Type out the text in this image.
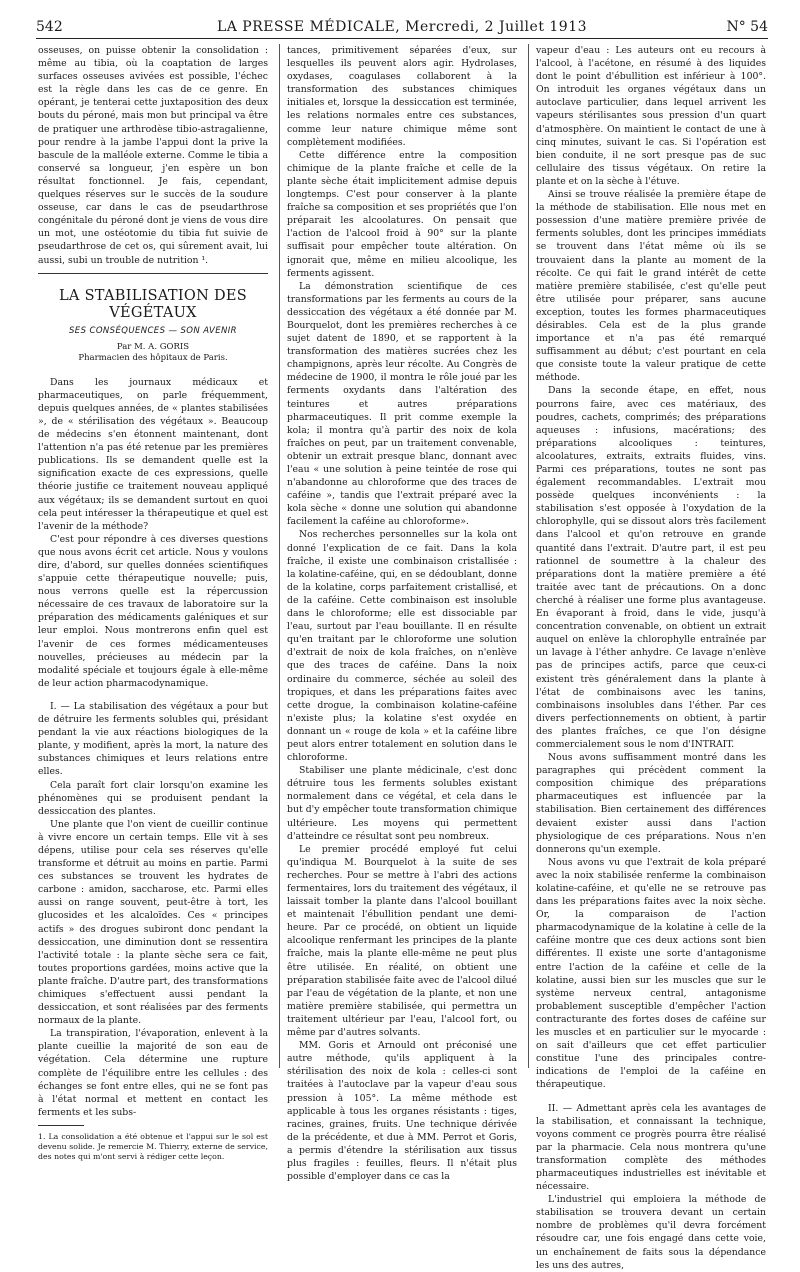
542	LA PRESSE MÉDICALE, Mercredi, 2 Juillet 1913	N° 54

osseuses, on puisse obtenir la consolidation : même au tibia, où la coaptation de larges surfaces osseuses avivées est possible, l'échec est la règle dans les cas de ce genre. En opérant, je tenterai cette juxtaposition des deux bouts du péroné, mais mon but principal va être de pratiquer une arthrodèse tibio-astragalienne, pour rendre à la jambe l'appui dont la prive la bascule de la malléole externe. Comme le tibia a conservé sa longueur, j'en espère un bon résultat fonctionnel. Je fais, cependant, quelques réserves sur le succès de la soudure osseuse, car dans le cas de pseudarthrose congénitale du péroné dont je viens de vous dire un mot, une ostéotomie du tibia fut suivie de pseudarthrose de cet os, qui sûrement avait, lui aussi, subi un trouble de nutrition ¹.

LA STABILISATION DES VÉGÉTAUX
SES CONSÉQUENCES — SON AVENIR
Par M. A. GORIS
Pharmacien des hôpitaux de Paris.

Dans les journaux médicaux et pharmaceutiques, on parle fréquemment, depuis quelques années, de « plantes stabilisées », de « stérilisation des végétaux ». Beaucoup de médecins s'en étonnent maintenant, dont l'attention n'a pas été retenue par les premières publications. Ils se demandent quelle est la signification exacte de ces expressions, quelle théorie justifie ce traitement nouveau appliqué aux végétaux; ils se demandent surtout en quoi cela peut intéresser la thérapeutique et quel est l'avenir de la méthode?

C'est pour répondre à ces diverses questions que nous avons écrit cet article. Nous y voulons dire, d'abord, sur quelles données scientifiques s'appuie cette thérapeutique nouvelle; puis, nous verrons quelle est la répercussion nécessaire de ces travaux de laboratoire sur la préparation des médicaments galéniques et sur leur emploi. Nous montrerons enfin quel est l'avenir de ces formes médicamenteuses nouvelles, précieuses au médecin par la modalité spéciale et toujours égale à elle-même de leur action pharmacodynamique.

I. — La stabilisation des végétaux a pour but de détruire les ferments solubles qui, présidant pendant la vie aux réactions biologiques de la plante, y modifient, après la mort, la nature des substances chimiques et leurs relations entre elles.

Cela paraît fort clair lorsqu'on examine les phénomènes qui se produisent pendant la dessiccation des plantes.

Une plante que l'on vient de cueillir continue à vivre encore un certain temps. Elle vit à ses dépens, utilise pour cela ses réserves qu'elle transforme et détruit au moins en partie. Parmi ces substances se trouvent les hydrates de carbone : amidon, saccharose, etc. Parmi elles aussi on range souvent, peut-être à tort, les glucosides et les alcaloïdes. Ces « principes actifs » des drogues subiront donc pendant la dessiccation, une diminution dont se ressentira l'activité totale : la plante sèche sera ce fait, toutes proportions gardées, moins active que la plante fraîche. D'autre part, des transformations chimiques s'effectuent aussi pendant la dessiccation, et sont réalisées par des ferments normaux de la plante.

La transpiration, l'évaporation, enlevent à la plante cueillie la majorité de son eau de végétation. Cela détermine une rupture complète de l'équilibre entre les cellules : des échanges se font entre elles, qui ne se font pas à l'état normal et mettent en contact les ferments et les subs-

1. La consolidation a été obtenue et l'appui sur le sol est devenu solide. Je remercie M. Thierry, externe de service, des notes qui m'ont servi à rédiger cette leçon.

tances, primitivement séparées d'eux, sur lesquelles ils peuvent alors agir. Hydrolases, oxydases, coagulases collaborent à la transformation des substances chimiques initiales et, lorsque la dessiccation est terminée, les relations normales entre ces substances, comme leur nature chimique même sont complètement modifiées.

Cette différence entre la composition chimique de la plante fraîche et celle de la plante sèche était implicitement admise depuis longtemps. C'est pour conserver à la plante fraîche sa composition et ses propriétés que l'on préparait les alcoolatures. On pensait que l'action de l'alcool froid à 90° sur la plante suffisait pour empêcher toute altération. On ignorait que, même en milieu alcoolique, les ferments agissent.

La démonstration scientifique de ces transformations par les ferments au cours de la dessiccation des végétaux a été donnée par M. Bourquelot, dont les premières recherches à ce sujet datent de 1890, et se rapportent à la transformation des matières sucrées chez les champignons, après leur récolte. Au Congrès de médecine de 1900, il montra le rôle joué par les ferments oxydants dans l'altération des teintures et autres préparations pharmaceutiques. Il prit comme exemple la kola; il montra qu'à partir des noix de kola fraîches on peut, par un traitement convenable, obtenir un extrait presque blanc, donnant avec l'eau « une solution à peine teintée de rose qui n'abandonne au chloroforme que des traces de caféine », tandis que l'extrait préparé avec la kola sèche « donne une solution qui abandonne facilement la caféine au chloroforme».

Nos recherches personnelles sur la kola ont donné l'explication de ce fait. Dans la kola fraîche, il existe une combinaison cristallisée : la kolatine-caféine, qui, en se dédoublant, donne de la kolatine, corps parfaitement cristallisé, et de la caféine. Cette combinaison est insoluble dans le chloroforme; elle est dissociable par l'eau, surtout par l'eau bouillante. Il en résulte qu'en traitant par le chloroforme une solution d'extrait de noix de kola fraîches, on n'enlève que des traces de caféine. Dans la noix ordinaire du commerce, séchée au soleil des tropiques, et dans les préparations faites avec cette drogue, la combinaison kolatine-caféine n'existe plus; la kolatine s'est oxydée en donnant un « rouge de kola » et la caféine libre peut alors entrer totalement en solution dans le chloroforme.

Stabiliser une plante médicinale, c'est donc détruire tous les ferments solubles existant normalement dans ce végétal, et cela dans le but d'y empêcher toute transformation chimique ultérieure. Les moyens qui permettent d'atteindre ce résultat sont peu nombreux.

Le premier procédé employé fut celui qu'indiqua M. Bourquelot à la suite de ses recherches. Pour se mettre à l'abri des actions fermentaires, lors du traitement des végétaux, il laissait tomber la plante dans l'alcool bouillant et maintenait l'ébullition pendant une demi-heure. Par ce procédé, on obtient un liquide alcoolique renfermant les principes de la plante fraîche, mais la plante elle-même ne peut plus être utilisée. En réalité, on obtient une préparation stabilisée faite avec de l'alcool dilué par l'eau de végétation de la plante, et non une matière première stabilisée, qui permettra un traitement ultérieur par l'eau, l'alcool fort, ou même par d'autres solvants.

MM. Goris et Arnould ont préconisé une autre méthode, qu'ils appliquent à la stérilisation des noix de kola : celles-ci sont traitées à l'autoclave par la vapeur d'eau sous pression à 105°. La même méthode est applicable à tous les organes résistants : tiges, racines, graines, fruits. Une technique dérivée de la précédente, et due à MM. Perrot et Goris, a permis d'étendre la stérilisation aux tissus plus fragiles : feuilles, fleurs. Il n'était plus possible d'employer dans ce cas la

vapeur d'eau : Les auteurs ont eu recours à l'alcool, à l'acétone, en résumé à des liquides dont le point d'ébullition est inférieur à 100°. On introduit les organes végétaux dans un autoclave particulier, dans lequel arrivent les vapeurs stérilisantes sous pression d'un quart d'atmosphère. On maintient le contact de une à cinq minutes, suivant le cas. Si l'opération est bien conduite, il ne sort presque pas de suc cellulaire des tissus végétaux. On retire la plante et on la sèche à l'étuve.

Ainsi se trouve réalisée la première étape de la méthode de stabilisation. Elle nous met en possession d'une matière première privée de ferments solubles, dont les principes immédiats se trouvent dans l'état même où ils se trouvaient dans la plante au moment de la récolte. Ce qui fait le grand intérêt de cette matière première stabilisée, c'est qu'elle peut être utilisée pour préparer, sans aucune exception, toutes les formes pharmaceutiques désirables. Cela est de la plus grande importance et n'a pas été remarqué suffisamment au début; c'est pourtant en cela que consiste toute la valeur pratique de cette méthode.

Dans la seconde étape, en effet, nous pourrons faire, avec ces matériaux, des poudres, cachets, comprimés; des préparations aqueuses : infusions, macérations; des préparations alcooliques : teintures, alcoolatures, extraits, extraits fluides, vins. Parmi ces préparations, toutes ne sont pas également recommandables. L'extrait mou possède quelques inconvénients : la stabilisation s'est opposée à l'oxydation de la chlorophylle, qui se dissout alors très facilement dans l'alcool et qu'on retrouve en grande quantité dans l'extrait. D'autre part, il est peu rationnel de soumettre à la chaleur des préparations dont la matière première a été traitée avec tant de précautions. On a donc cherché à réaliser une forme plus avantageuse. En évaporant à froid, dans le vide, jusqu'à concentration convenable, on obtient un extrait auquel on enlève la chlorophylle entraînée par un lavage à l'éther anhydre. Ce lavage n'enlève pas de principes actifs, parce que ceux-ci existent très généralement dans la plante à l'état de combinaisons avec les tanins, combinaisons insolubles dans l'éther. Par ces divers perfectionnements on obtient, à partir des plantes fraîches, ce que l'on désigne commercialement sous le nom d'INTRAIT.

Nous avons suffisamment montré dans les paragraphes qui précèdent comment la composition chimique des préparations pharmaceutiques est influencée par la stabilisation. Bien certainement des différences devaient exister aussi dans l'action physiologique de ces préparations. Nous n'en donnerons qu'un exemple.

Nous avons vu que l'extrait de kola préparé avec la noix stabilisée renferme la combinaison kolatine-caféine, et qu'elle ne se retrouve pas dans les préparations faites avec la noix sèche. Or, la comparaison de l'action pharmacodynamique de la kolatine à celle de la caféine montre que ces deux actions sont bien différentes. Il existe une sorte d'antagonisme entre l'action de la caféine et celle de la kolatine, aussi bien sur les muscles que sur le système nerveux central, antagonisme probablement susceptible d'empêcher l'action contracturante des fortes doses de caféine sur les muscles et en particulier sur le myocarde : on sait d'ailleurs que cet effet particulier constitue l'une des principales contre-indications de l'emploi de la caféine en thérapeutique.

II. — Admettant après cela les avantages de la stabilisation, et connaissant la technique, voyons comment ce progrès pourra être réalisé par la pharmacie. Cela nous montrera qu'une transformation complète des méthodes pharmaceutiques industrielles est inévitable et nécessaire.

L'industriel qui emploiera la méthode de stabilisation se trouvera devant un certain nombre de problèmes qu'il devra forcément résoudre car, une fois engagé dans cette voie, un enchaînement de faits sous la dépendance les uns des autres,
